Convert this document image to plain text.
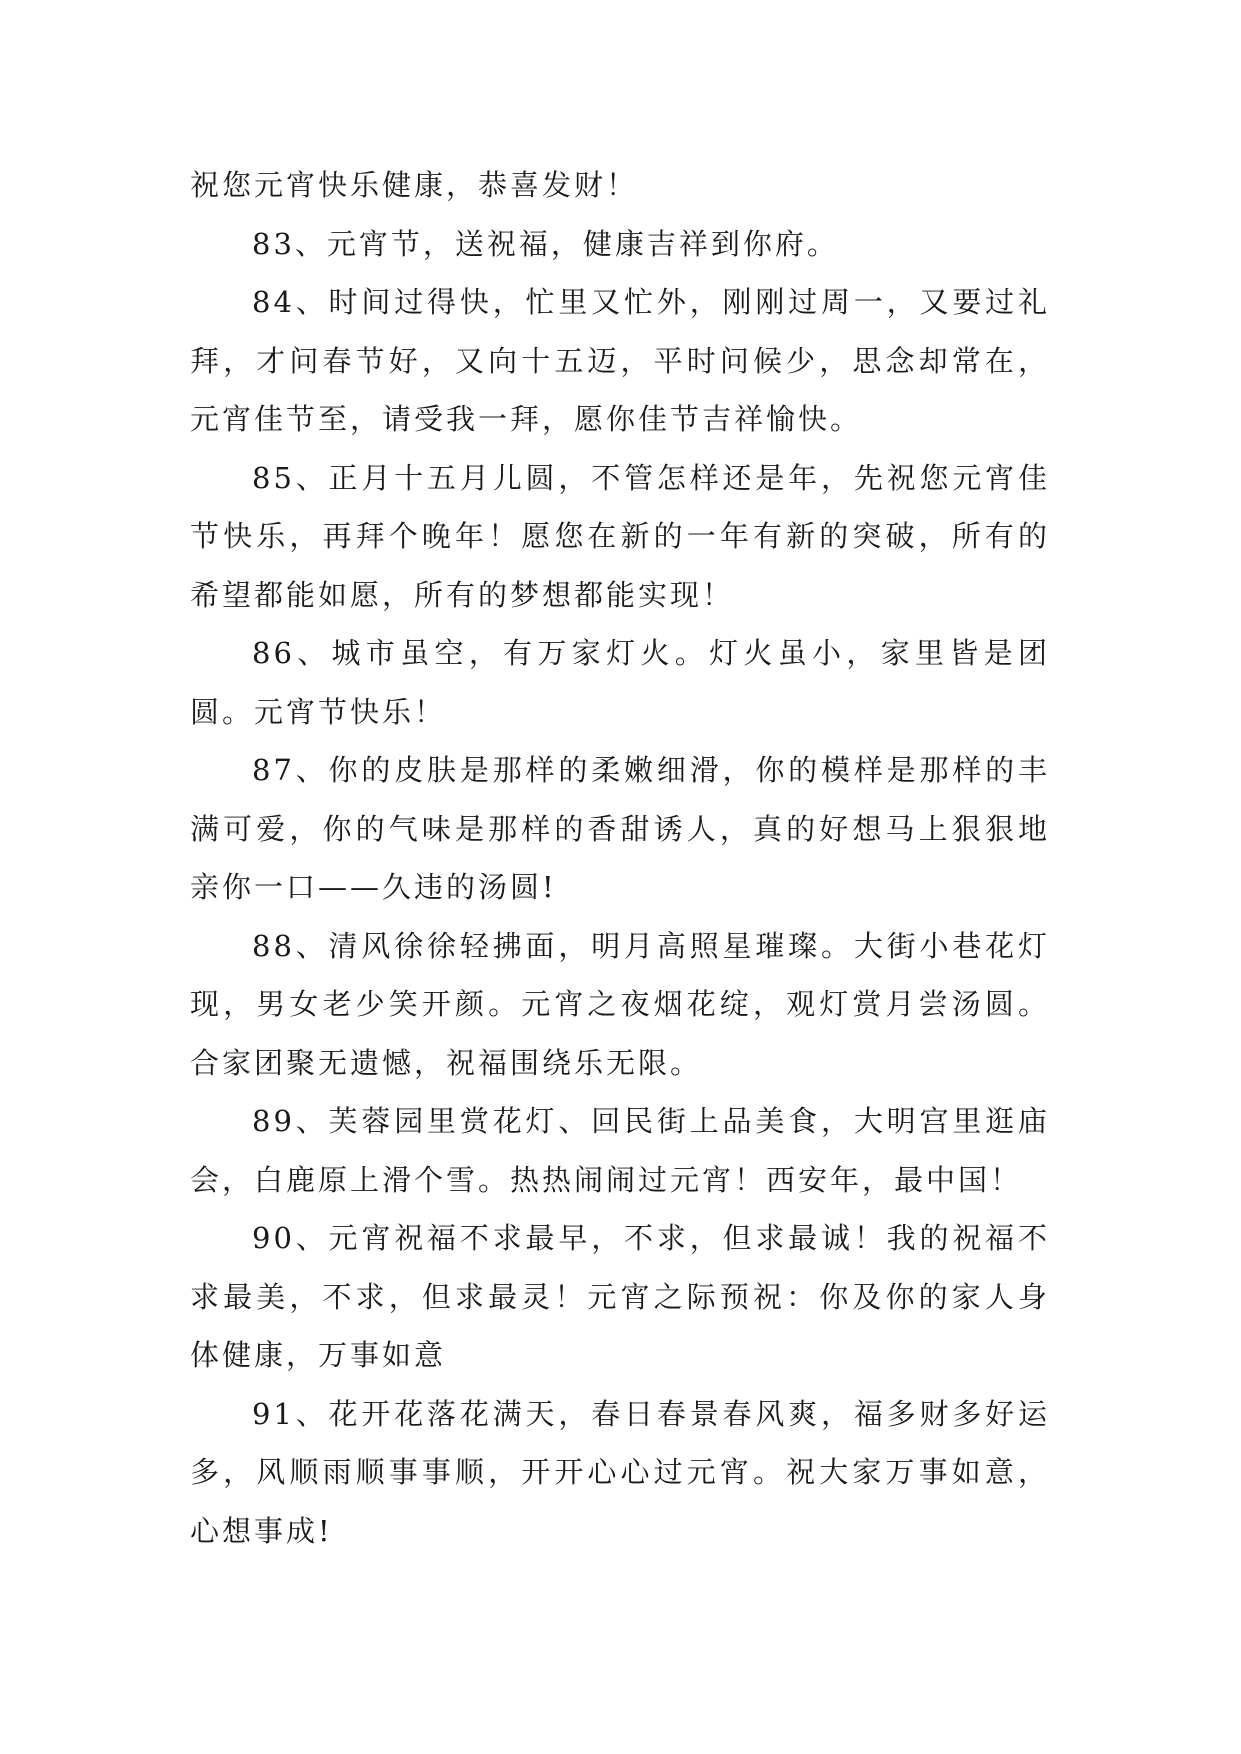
祝您元宵快乐健康，恭喜发财！

83、元宵节，送祝福，健康吉祥到你府。

84、时间过得快，忙里又忙外，刚刚过周一，又要过礼拜，才问春节好，又向十五迈，平时问候少，思念却常在，元宵佳节至，请受我一拜，愿你佳节吉祥愉快。

85、正月十五月儿圆，不管怎样还是年，先祝您元宵佳节快乐，再拜个晚年！愿您在新的一年有新的突破，所有的希望都能如愿，所有的梦想都能实现！

86、城市虽空，有万家灯火。灯火虽小，家里皆是团圆。元宵节快乐！

87、你的皮肤是那样的柔嫩细滑，你的模样是那样的丰满可爱，你的气味是那样的香甜诱人，真的好想马上狠狠地亲你一口——久违的汤圆!

88、清风徐徐轻拂面，明月高照星璀璨。大街小巷花灯现，男女老少笑开颜。元宵之夜烟花绽，观灯赏月尝汤圆。合家团聚无遗憾，祝福围绕乐无限。

89、芙蓉园里赏花灯、回民街上品美食，大明宫里逛庙会，白鹿原上滑个雪。热热闹闹过元宵！西安年，最中国！

90、元宵祝福不求最早，不求，但求最诚！我的祝福不求最美，不求，但求最灵！元宵之际预祝：你及你的家人身体健康，万事如意

91、花开花落花满天，春日春景春风爽，福多财多好运多，风顺雨顺事事顺，开开心心过元宵。祝大家万事如意，心想事成!
